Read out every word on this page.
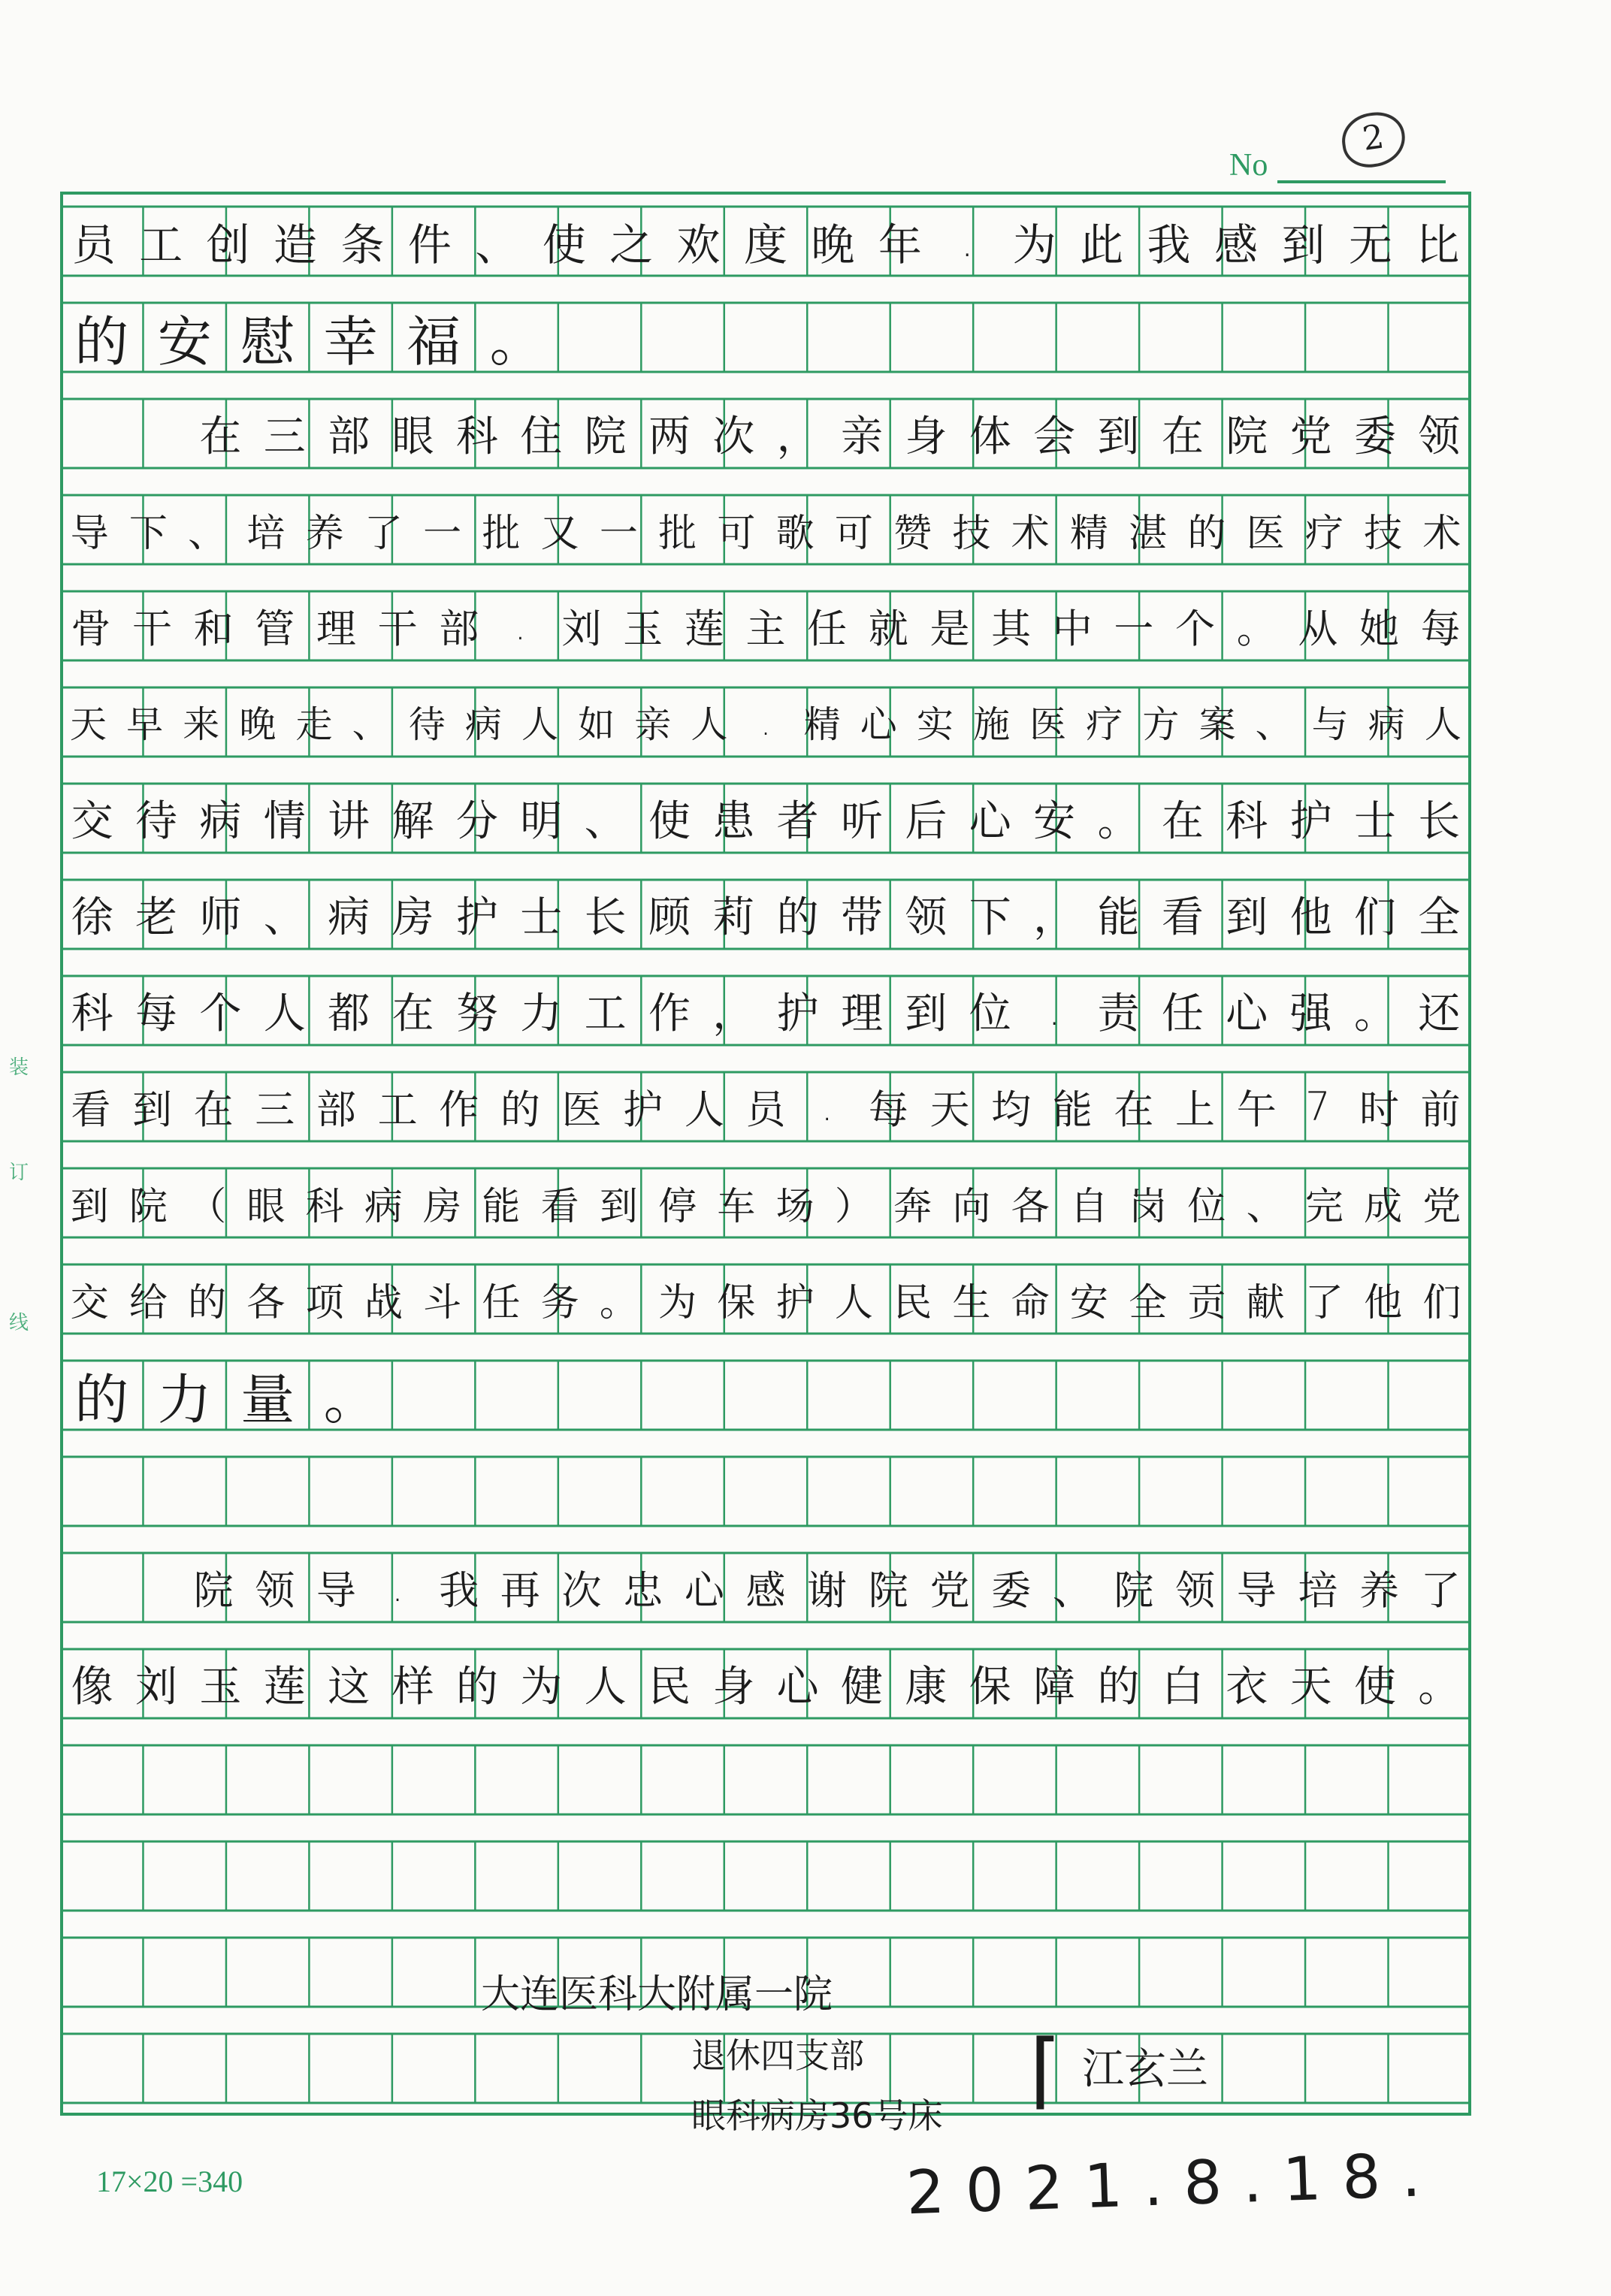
No
2
装
订
线
员 工 创 造 条 件 、 使 之 欢 度 晚 年 . 为 此 我 感 到 无 比
的 安 慰 幸 福 。

在 三 部 眼 科 住 院 两 次 ， 亲 身 体 会 到 在 院 党 委 领
导 下 、 培 养 了 一 批 又 一 批 可 歌 可 赞 技 术 精 湛 的 医 疗 技 术
骨 干 和 管 理 干 部 . 刘 玉 莲 主 任 就 是 其 中 一 个 。 从 她 每
天 早 来 晚 走 、 待 病 人 如 亲 人 . 精 心 实 施 医 疗 方 案 、 与 病 人
交 待 病 情 讲 解 分 明 、 使 患 者 听 后 心 安 。 在 科 护 士 长
徐 老 师 、 病 房 护 士 长 顾 莉 的 带 领 下 ， 能 看 到 他 们 全
科 每 个 人 都 在 努 力 工 作 ， 护 理 到 位 . 责 任 心 强 。 还
看 到 在 三 部 工 作 的 医 护 人 员 . 每 天 均 能 在 上 午 7 时 前
到 院 （ 眼 科 病 房 能 看 到 停 车 场 ） 奔 向 各 自 岗 位 、 完 成 党
交 给 的 各 项 战 斗 任 务 。 为 保 护 人 民 生 命 安 全 贡 献 了 他 们
的 力 量 。

院 领 导 . 我 再 次 忠 心 感 谢 院 党 委 、 院 领 导 培 养 了
像 刘 玉 莲 这 样 的 为 人 民 身 心 健 康 保 障 的 白 衣 天 使 。
大连医科大附属一院
退休四支部
眼科病房36号床 ⌈ 江玄兰
2021.8.18.
17×20 =340
